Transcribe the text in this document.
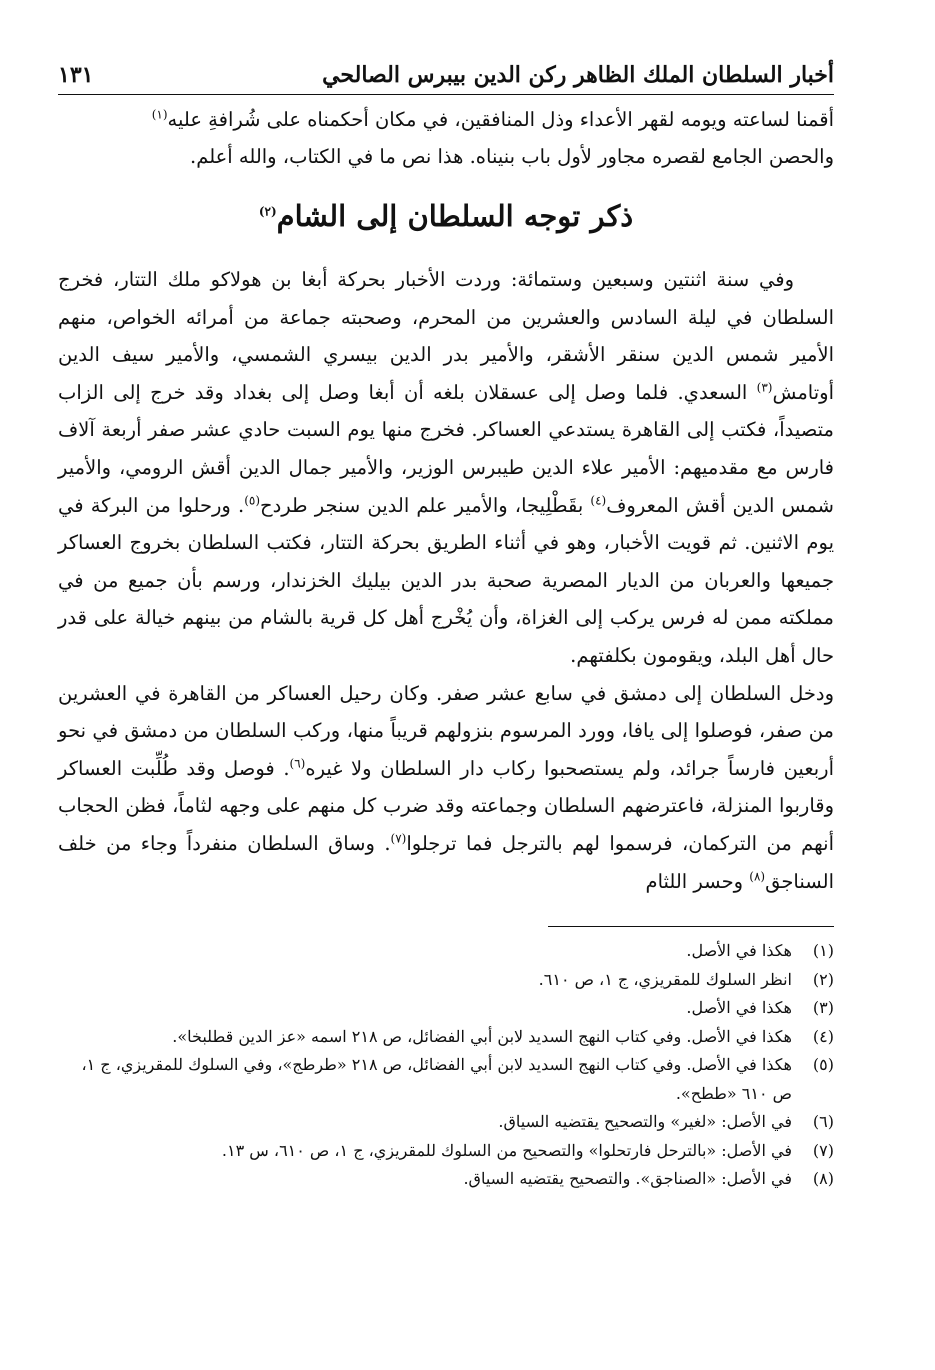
أخبار السلطان الملك الظاهر ركن الدين بيبرس الصالحي
١٣١

أقمنا لساعته ويومه لقهر الأعداء وذل المنافقين، في مكان أحكمناه على شُرافةِ عليه$^{(١)}$

والحصن الجامع لقصره مجاور لأول باب بنيناه. هذا نص ما في الكتاب، والله أعلم.

ذكر توجه السلطان إلى الشام$^{(٢)}$

وفي سنة اثنتين وسبعين وستمائة: وردت الأخبار بحركة أبغا بن هولاكو ملك التتار، فخرج السلطان في ليلة السادس والعشرين من المحرم، وصحبته جماعة من أمرائه الخواص، منهم الأمير شمس الدين سنقر الأشقر، والأمير بدر الدين بيسري الشمسي، والأمير سيف الدين أوتامش$^{(٣)}$ السعدي. فلما وصل إلى عسقلان بلغه أن أبغا وصل إلى بغداد وقد خرج إلى الزاب متصيداً، فكتب إلى القاهرة يستدعي العساكر. فخرج منها يوم السبت حادي عشر صفر أربعة آلاف فارس مع مقدميهم: الأمير علاء الدين طيبرس الوزير، والأمير جمال الدين أقش الرومي، والأمير شمس الدين أقش المعروف$^{(٤)}$ بقَطْلِيجا، والأمير علم الدين سنجر طردح$^{(٥)}$. ورحلوا من البركة في يوم الاثنين. ثم قويت الأخبار، وهو في أثناء الطريق بحركة التتار، فكتب السلطان بخروج العساكر جميعها والعربان من الديار المصرية صحبة بدر الدين بيليك الخزندار، ورسم بأن جميع من في مملكته ممن له فرس يركب إلى الغزاة، وأن يُخْرج أهل كل قرية بالشام من بينهم خيالة على قدر حال أهل البلد، ويقومون بكلفتهم.

ودخل السلطان إلى دمشق في سابع عشر صفر. وكان رحيل العساكر من القاهرة في العشرين من صفر، فوصلوا إلى يافا، وورد المرسوم بنزولهم قريباً منها، وركب السلطان من دمشق في نحو أربعين فارساً جرائد، ولم يستصحبوا ركاب دار السلطان ولا غيره$^{(٦)}$. فوصل وقد طُلِّبت العساكر وقاربوا المنزلة، فاعترضهم السلطان وجماعته وقد ضرب كل منهم على وجهه لثاماً، فظن الحجاب أنهم من التركمان، فرسموا لهم بالترجل فما ترجلوا$^{(٧)}$. وساق السلطان منفرداً وجاء من خلف السناجق$^{(٨)}$ وحسر اللثام

(١)
هكذا في الأصل.
(٢)
انظر السلوك للمقريزي، ج ١، ص ٦١٠.
(٣)
هكذا في الأصل.
(٤)
هكذا في الأصل. وفي كتاب النهج السديد لابن أبي الفضائل، ص ٢١٨ اسمه «عز الدين قطلبخا».
(٥)
هكذا في الأصل. وفي كتاب النهج السديد لابن أبي الفضائل، ص ٢١٨ «طرطج»، وفي السلوك للمقريزي، ج ١، ص ٦١٠ «ططح».
(٦)
في الأصل: «لغير» والتصحيح يقتضيه السياق.
(٧)
في الأصل: «بالترحل فارتحلوا» والتصحيح من السلوك للمقريزي، ج ١، ص ٦١٠، س ١٣.
(٨)
في الأصل: «الصناجق». والتصحيح يقتضيه السياق.
